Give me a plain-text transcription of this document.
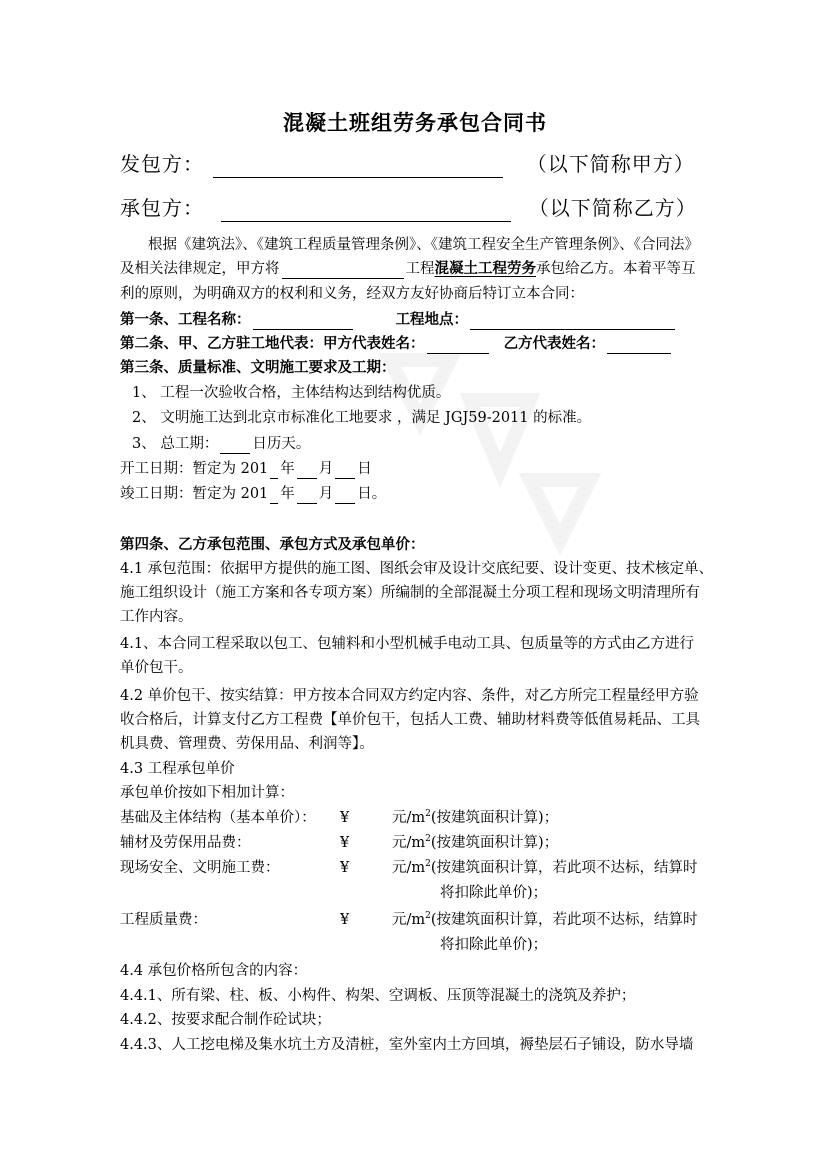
混凝土班组劳务承包合同书
发包方：	（以下简称甲方）
承包方：	（以下简称乙方）
根据《建筑法》、《建筑工程质量管理条例》、《建筑工程安全生产管理条例》、《合同法》
及相关法律规定，甲方将	工程混凝土工程劳务承包给乙方。本着平等互
利的原则，为明确双方的权利和义务，经双方友好协商后特订立本合同：
第一条、工程名称：	工程地点：
第二条、甲、乙方驻工地代表：甲方代表姓名：	乙方代表姓名：
第三条、质量标准、文明施工要求及工期：
1、 工程一次验收合格，主体结构达到结构优质。
2、 文明施工达到北京市标准化工地要求 ，满足 JGJ59-2011 的标准。
3、 总工期： 日历天。
开工日期：暂定为 201 年 月 日
竣工日期：暂定为 201 年 月 日。
第四条、乙方承包范围、承包方式及承包单价：
4.1 承包范围：依据甲方提供的施工图、图纸会审及设计交底纪要、设计变更、技术核定单、
施工组织设计（施工方案和各专项方案）所编制的全部混凝土分项工程和现场文明清理所有
工作内容。
4.1、本合同工程采取以包工、包辅料和小型机械手电动工具、包质量等的方式由乙方进行
单价包干。
4.2 单价包干、按实结算：甲方按本合同双方约定内容、条件，对乙方所完工程量经甲方验
收合格后，计算支付乙方工程费【单价包干，包括人工费、辅助材料费等低值易耗品、工具
机具费、管理费、劳保用品、利润等】。
4.3 工程承包单价
承包单价按如下相加计算：
基础及主体结构（基本单价）： ¥	元$/m^2$(按建筑面积计算)；
辅材及劳保用品费：	¥	元$/m^2$(按建筑面积计算)；
现场安全、文明施工费：	¥	元$/m^2$(按建筑面积计算，若此项不达标，结算时
将扣除此单价)；
工程质量费：	¥	元$/m^2$(按建筑面积计算，若此项不达标，结算时
将扣除此单价)；
4.4 承包价格所包含的内容：
4.4.1、所有梁、柱、板、小构件、构架、空调板、压顶等混凝土的浇筑及养护；
4.4.2、按要求配合制作砼试块；
4.4.3、人工挖电梯及集水坑土方及清桩，室外室内土方回填，褥垫层石子铺设，防水导墙
